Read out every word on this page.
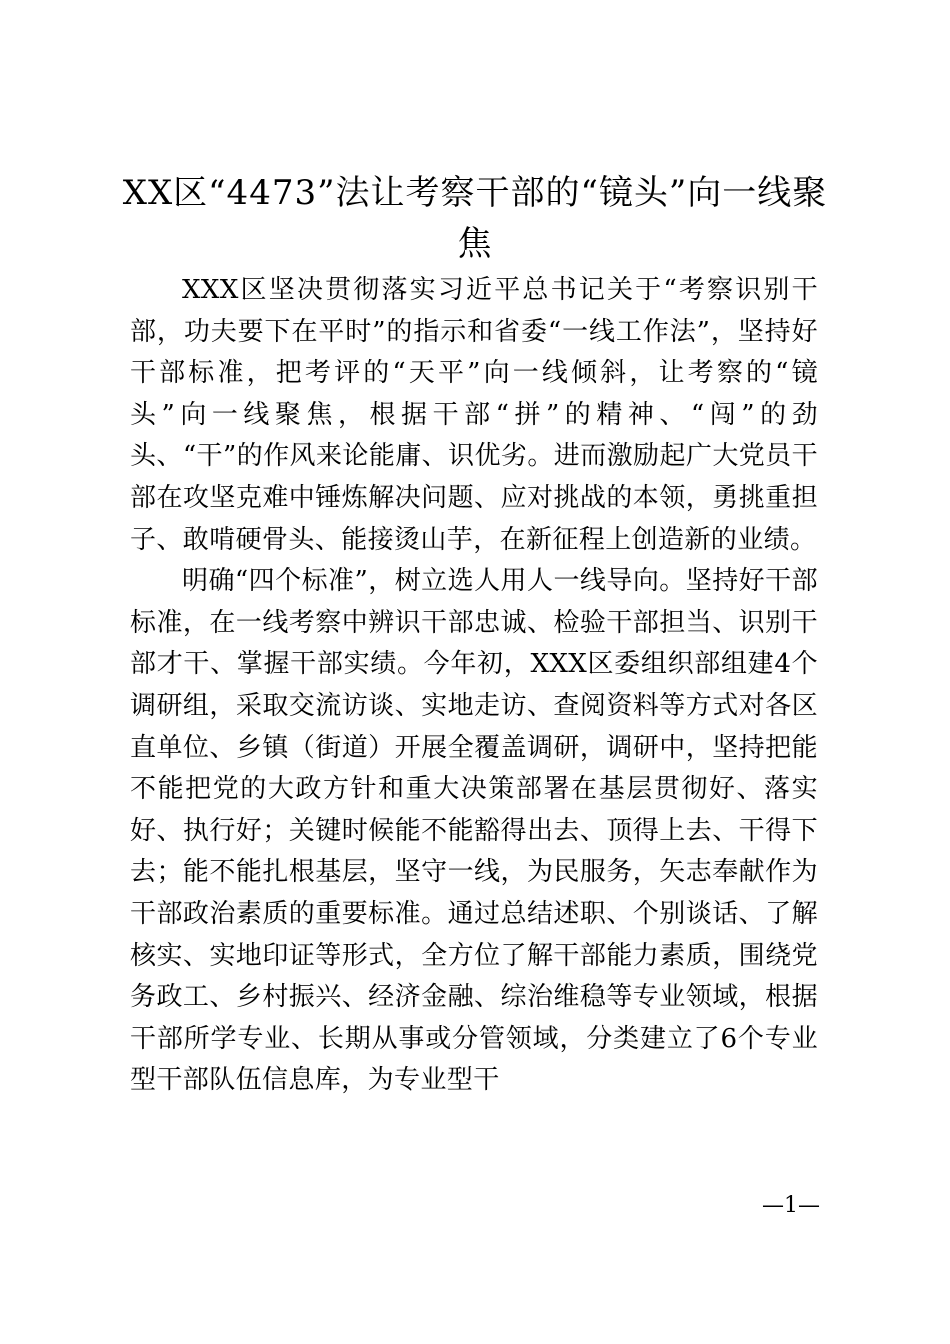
XX区“4473”法让考察干部的“镜头”向一线聚焦

XXX区坚决贯彻落实习近平总书记关于“考察识别干部，功夫要下在平时”的指示和省委“一线工作法”，坚持好干部标准，把考评的“天平”向一线倾斜，让考察的“镜头”向一线聚焦，根据干部“拼”的精神、“闯”的劲头、“干”的作风来论能庸、识优劣。进而激励起广大党员干部在攻坚克难中锤炼解决问题、应对挑战的本领，勇挑重担子、敢啃硬骨头、能接烫山芋，在新征程上创造新的业绩。

明确“四个标准”，树立选人用人一线导向。坚持好干部标准，在一线考察中辨识干部忠诚、检验干部担当、识别干部才干、掌握干部实绩。今年初，XXX区委组织部组建4个调研组，采取交流访谈、实地走访、查阅资料等方式对各区直单位、乡镇（街道）开展全覆盖调研，调研中，坚持把能不能把党的大政方针和重大决策部署在基层贯彻好、落实好、执行好；关键时候能不能豁得出去、顶得上去、干得下去；能不能扎根基层，坚守一线，为民服务，矢志奉献作为干部政治素质的重要标准。通过总结述职、个别谈话、了解核实、实地印证等形式，全方位了解干部能力素质，围绕党务政工、乡村振兴、经济金融、综治维稳等专业领域，根据干部所学专业、长期从事或分管领域，分类建立了6个专业型干部队伍信息库，为专业型干

—1—
